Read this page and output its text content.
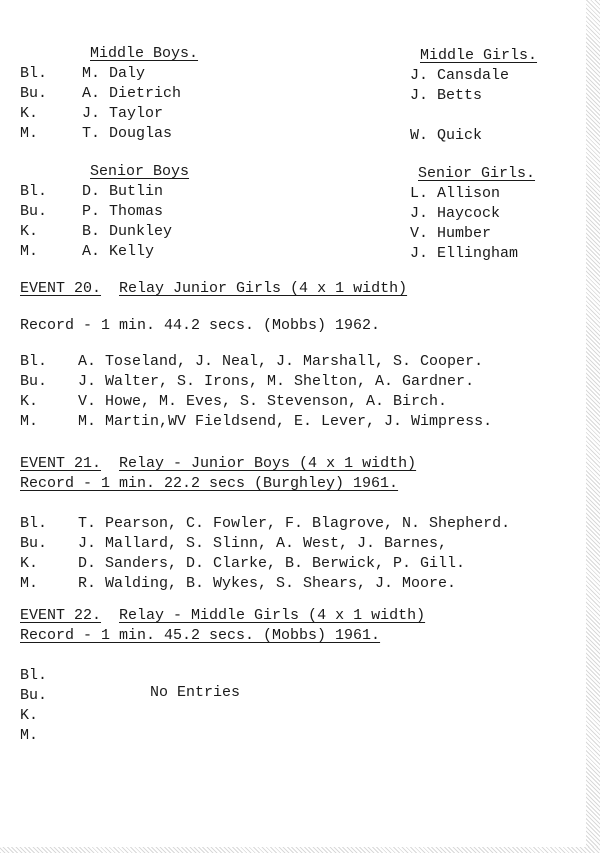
Middle Boys.
Bl. M. Daly
Bu. A. Dietrich
K.	J. Taylor
M.	T. Douglas
Middle Girls.
J. Cansdale
J. Betts
W. Quick
Senior Boys
Bl. D. Butlin
Bu. P. Thomas
K.	B. Dunkley
M.	A. Kelly
Senior Girls.
L. Allison
J. Haycock
V. Humber
J. Ellingham
EVENT 20. Relay Junior Girls (4 x 1 width)
Record - 1 min. 44.2 secs. (Mobbs) 1962.
Bl. A. Toseland, J. Neal, J. Marshall, S. Cooper.
Bu. J. Walter, S. Irons, M. Shelton, A. Gardner.
K.	V. Howe, M. Eves, S. Stevenson, A. Birch.
M.	M. Martin,WV Fieldsend, E. Lever, J. Wimpress.
EVENT 21. Relay - Junior Boys (4 x 1 width)
Record - 1 min. 22.2 secs (Burghley) 1961.
Bl. T. Pearson, C. Fowler, F. Blagrove, N. Shepherd.
Bu. J. Mallard, S. Slinn, A. West, J. Barnes,
K.	D. Sanders, D. Clarke, B. Berwick, P. Gill.
M.	R. Walding, B. Wykes, S. Shears, J. Moore.
EVENT 22. Relay - Middle Girls (4 x 1 width)
Record - 1 min. 45.2 secs. (Mobbs) 1961.
Bl.
Bu.
K.
M.
No Entries
